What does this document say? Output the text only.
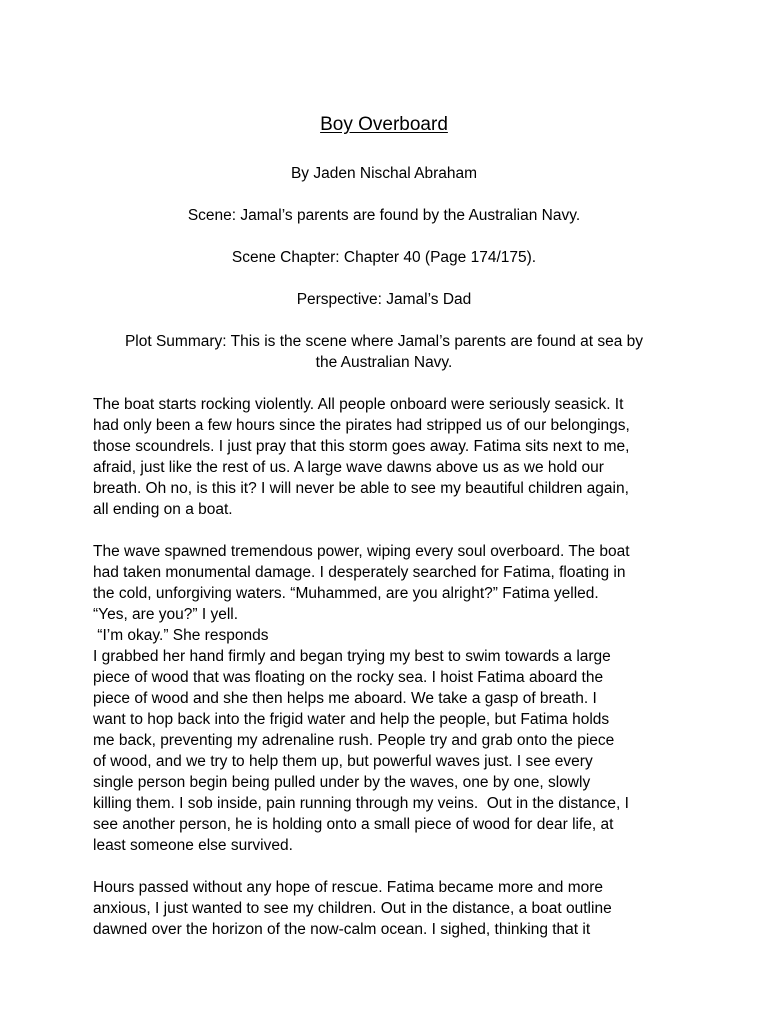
Boy Overboard
By Jaden Nischal Abraham
Scene: Jamal’s parents are found by the Australian Navy.
Scene Chapter: Chapter 40 (Page 174/175).
Perspective: Jamal’s Dad
Plot Summary: This is the scene where Jamal’s parents are found at sea by
the Australian Navy.
The boat starts rocking violently. All people onboard were seriously seasick. It
had only been a few hours since the pirates had stripped us of our belongings,
those scoundrels. I just pray that this storm goes away. Fatima sits next to me,
afraid, just like the rest of us. A large wave dawns above us as we hold our
breath. Oh no, is this it? I will never be able to see my beautiful children again,
all ending on a boat.
The wave spawned tremendous power, wiping every soul overboard. The boat
had taken monumental damage. I desperately searched for Fatima, floating in
the cold, unforgiving waters. “Muhammed, are you alright?” Fatima yelled.
“Yes, are you?” I yell.
“I’m okay.” She responds
I grabbed her hand firmly and began trying my best to swim towards a large
piece of wood that was floating on the rocky sea. I hoist Fatima aboard the
piece of wood and she then helps me aboard. We take a gasp of breath. I
want to hop back into the frigid water and help the people, but Fatima holds
me back, preventing my adrenaline rush. People try and grab onto the piece
of wood, and we try to help them up, but powerful waves just. I see every
single person begin being pulled under by the waves, one by one, slowly
killing them. I sob inside, pain running through my veins.  Out in the distance, I
see another person, he is holding onto a small piece of wood for dear life, at
least someone else survived.
Hours passed without any hope of rescue. Fatima became more and more
anxious, I just wanted to see my children. Out in the distance, a boat outline
dawned over the horizon of the now-calm ocean. I sighed, thinking that it
